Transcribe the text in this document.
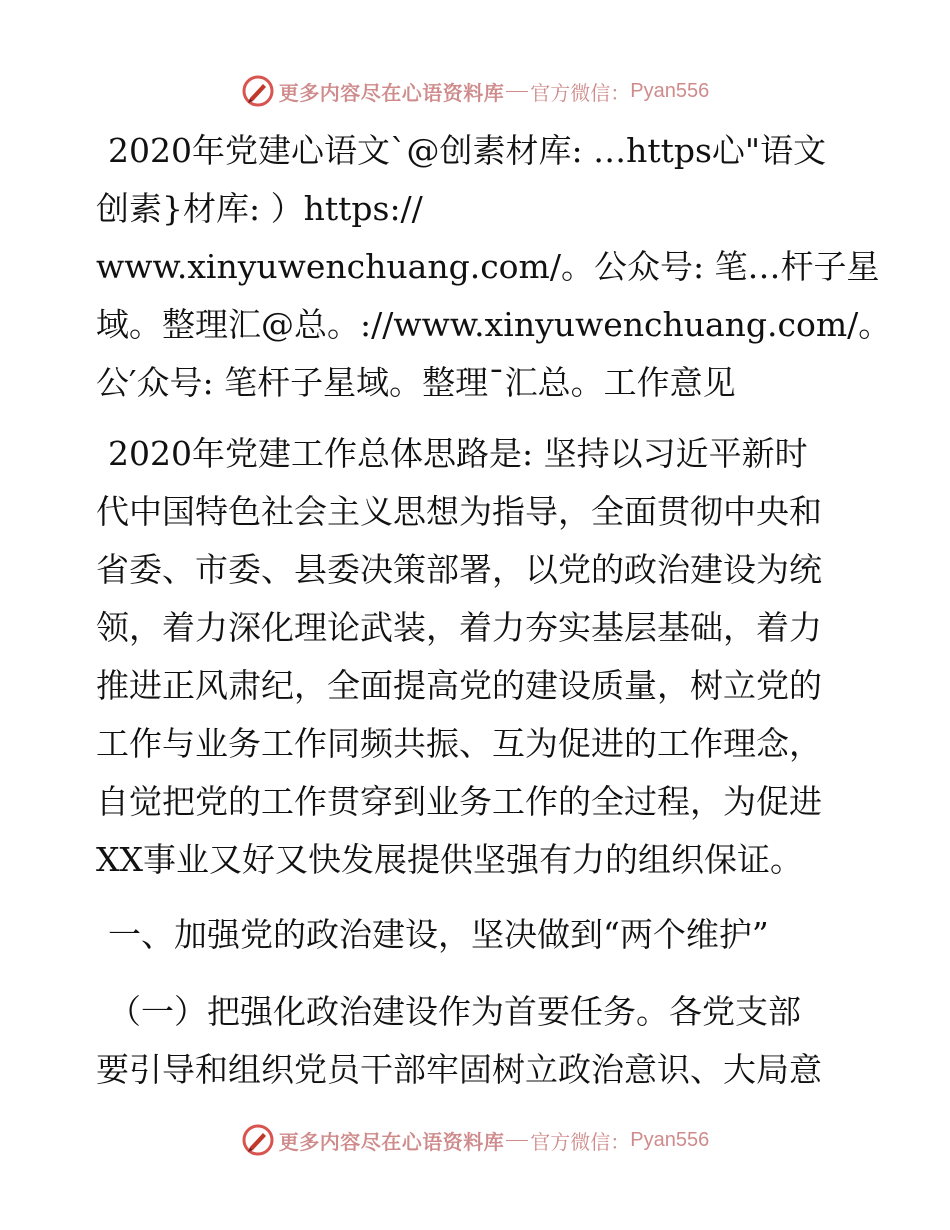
更多内容尽在心语资料库 官方微信： Pyan556
2020年党建心语文`@创素材库: …https心"语文
创素}材库: ）https://
www.xinyuwenchuang.com/。公众号: 笔…杆子星
域。整理汇@总。://www.xinyuwenchuang.com/。
公′众号: 笔杆子星域。整理¯汇总。工作意见
2020年党建工作总体思路是: 坚持以习近平新时
代中国特色社会主义思想为指导，全面贯彻中央和
省委、市委、县委决策部署，以党的政治建设为统
领，着力深化理论武装，着力夯实基层基础，着力
推进正风肃纪，全面提高党的建设质量，树立党的
工作与业务工作同频共振、互为促进的工作理念，
自觉把党的工作贯穿到业务工作的全过程，为促进
XX事业又好又快发展提供坚强有力的组织保证。
一、加强党的政治建设，坚决做到“两个维护”
（一）把强化政治建设作为首要任务。各党支部
要引导和组织党员干部牢固树立政治意识、大局意
更多内容尽在心语资料库 官方微信： Pyan556
